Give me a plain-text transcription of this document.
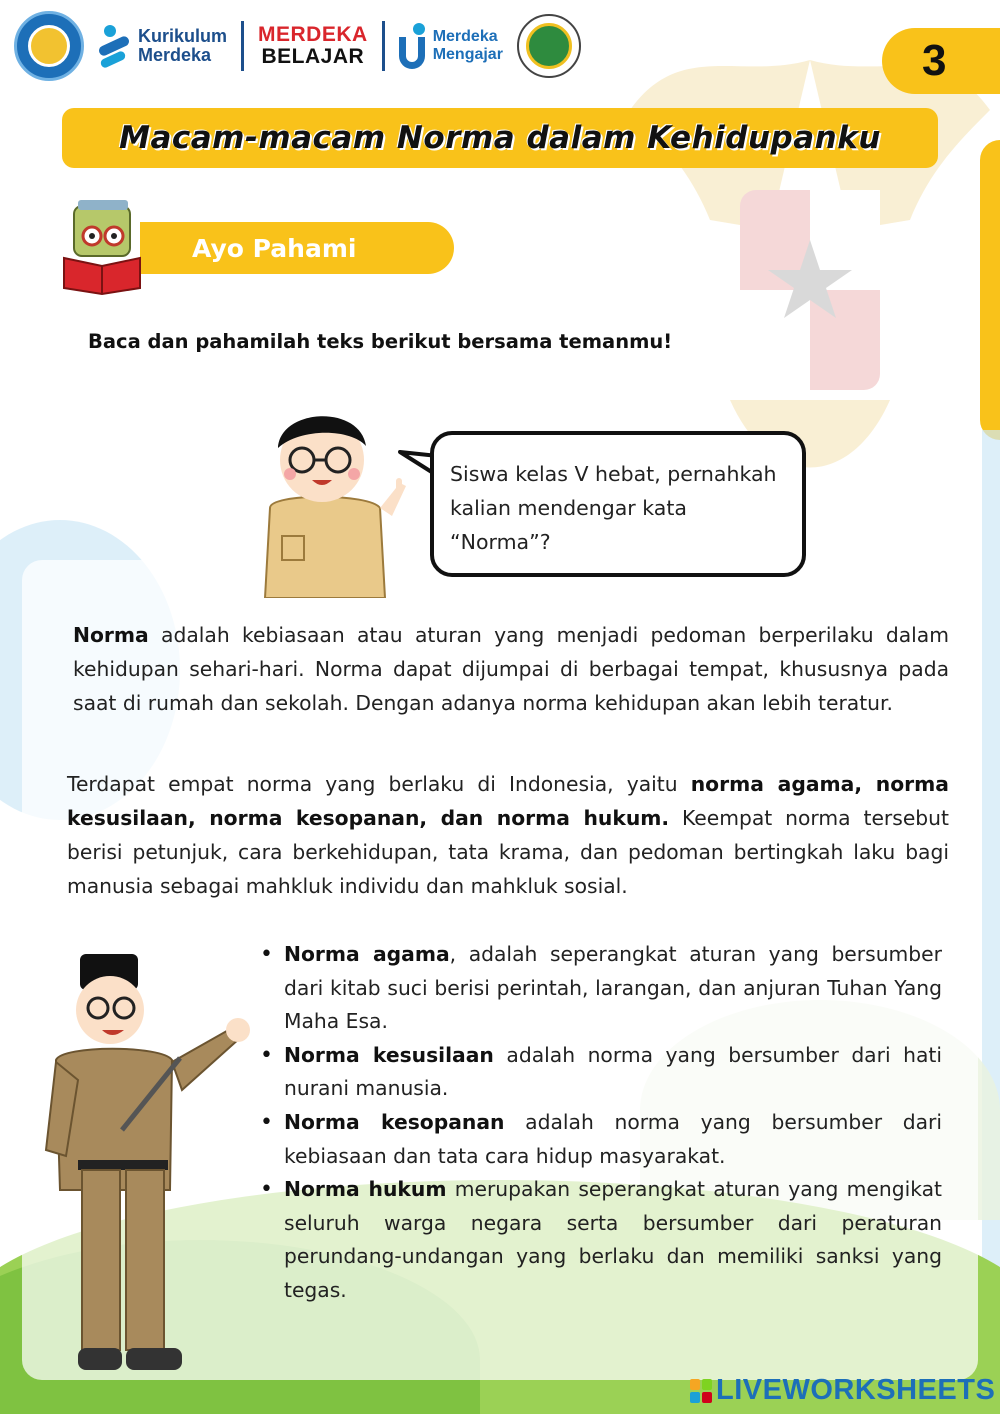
Kurikulum
Merdeka
MERDEKA
BELAJAR
Merdeka
Mengajar	3
Macam-macam Norma dalam Kehidupanku
Ayo Pahami
Baca dan pahamilah teks berikut bersama temanmu!
Siswa kelas V hebat, pernahkah
kalian mendengar kata
“Norma”?
Norma adalah kebiasaan atau aturan yang menjadi pedoman berperilaku dalam kehidupan sehari-hari. Norma dapat dijumpai di berbagai tempat, khususnya pada saat di rumah dan sekolah. Dengan adanya norma kehidupan akan lebih teratur.
Terdapat empat norma yang berlaku di Indonesia, yaitu norma agama, norma kesusilaan, norma kesopanan, dan norma hukum. Keempat norma tersebut berisi petunjuk, cara berkehidupan, tata krama, dan pedoman bertingkah laku bagi manusia sebagai mahkluk individu dan mahkluk sosial.
• Norma agama, adalah seperangkat aturan yang bersumber dari kitab suci berisi perintah, larangan, dan anjuran Tuhan Yang Maha Esa.
• Norma kesusilaan adalah norma yang bersumber dari hati nurani manusia.
• Norma kesopanan adalah norma yang bersumber dari kebiasaan dan tata cara hidup masyarakat.
• Norma hukum merupakan seperangkat aturan yang mengikat seluruh warga negara serta bersumber dari peraturan perundang-undangan yang berlaku dan memiliki sanksi yang tegas.
LIVEWORKSHEETS
